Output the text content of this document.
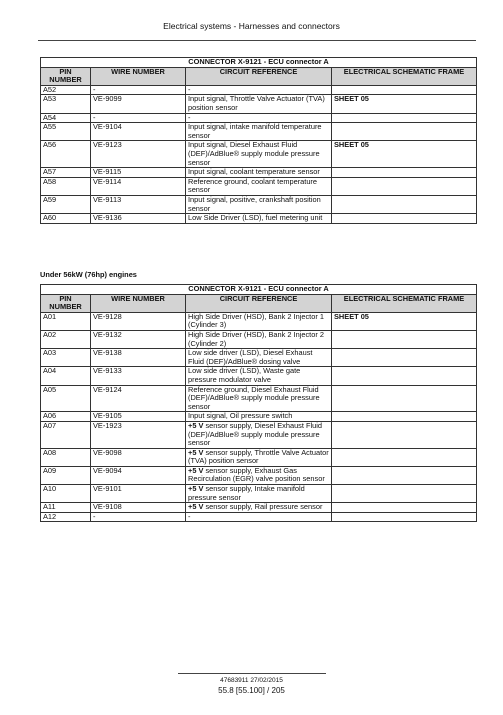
Electrical systems - Harnesses and connectors
CONNECTOR X-9121 - ECU connector A			
PIN NUMBER	WIRE NUMBER	CIRCUIT REFERENCE	ELECTRICAL SCHEMATIC FRAME
A52	-	-	
A53	VE-9099	Input signal, Throttle Valve Actuator (TVA) position sensor	SHEET 05
A54	-	-	
A55	VE-9104	Input signal, intake manifold temperature sensor	
A56	VE-9123	Input signal, Diesel Exhaust Fluid (DEF)/AdBlue® supply module pressure sensor	SHEET 05
A57	VE-9115	Input signal, coolant temperature sensor	
A58	VE-9114	Reference ground, coolant temperature sensor	
A59	VE-9113	Input signal, positive, crankshaft position sensor	
A60	VE-9136	Low Side Driver (LSD), fuel metering unit	
Under 56kW (76hp) engines
CONNECTOR X-9121 - ECU connector A			
PIN NUMBER	WIRE NUMBER	CIRCUIT REFERENCE	ELECTRICAL SCHEMATIC FRAME
A01	VE-9128	High Side Driver (HSD), Bank 2 Injector 1 (Cylinder 3)	SHEET 05
A02	VE-9132	High Side Driver (HSD), Bank 2 Injector 2 (Cylinder 2)	
A03	VE-9138	Low side driver (LSD), Diesel Exhaust Fluid (DEF)/AdBlue® dosing valve	
A04	VE-9133	Low side driver (LSD), Waste gate pressure modulator valve	
A05	VE-9124	Reference ground, Diesel Exhaust Fluid (DEF)/AdBlue® supply module pressure sensor	
A06	VE-9105	Input signal, Oil pressure switch	
A07	VE-1923	+5 V sensor supply, Diesel Exhaust Fluid (DEF)/AdBlue® supply module pressure sensor	
A08	VE-9098	+5 V sensor supply, Throttle Valve Actuator (TVA) position sensor	
A09	VE-9094	+5 V sensor supply, Exhaust Gas Recirculation (EGR) valve position sensor	
A10	VE-9101	+5 V sensor supply, Intake manifold pressure sensor	
A11	VE-9108	+5 V sensor supply, Rail pressure sensor	
A12	-	-	
47683911 27/02/2015
55.8 [55.100] / 205
